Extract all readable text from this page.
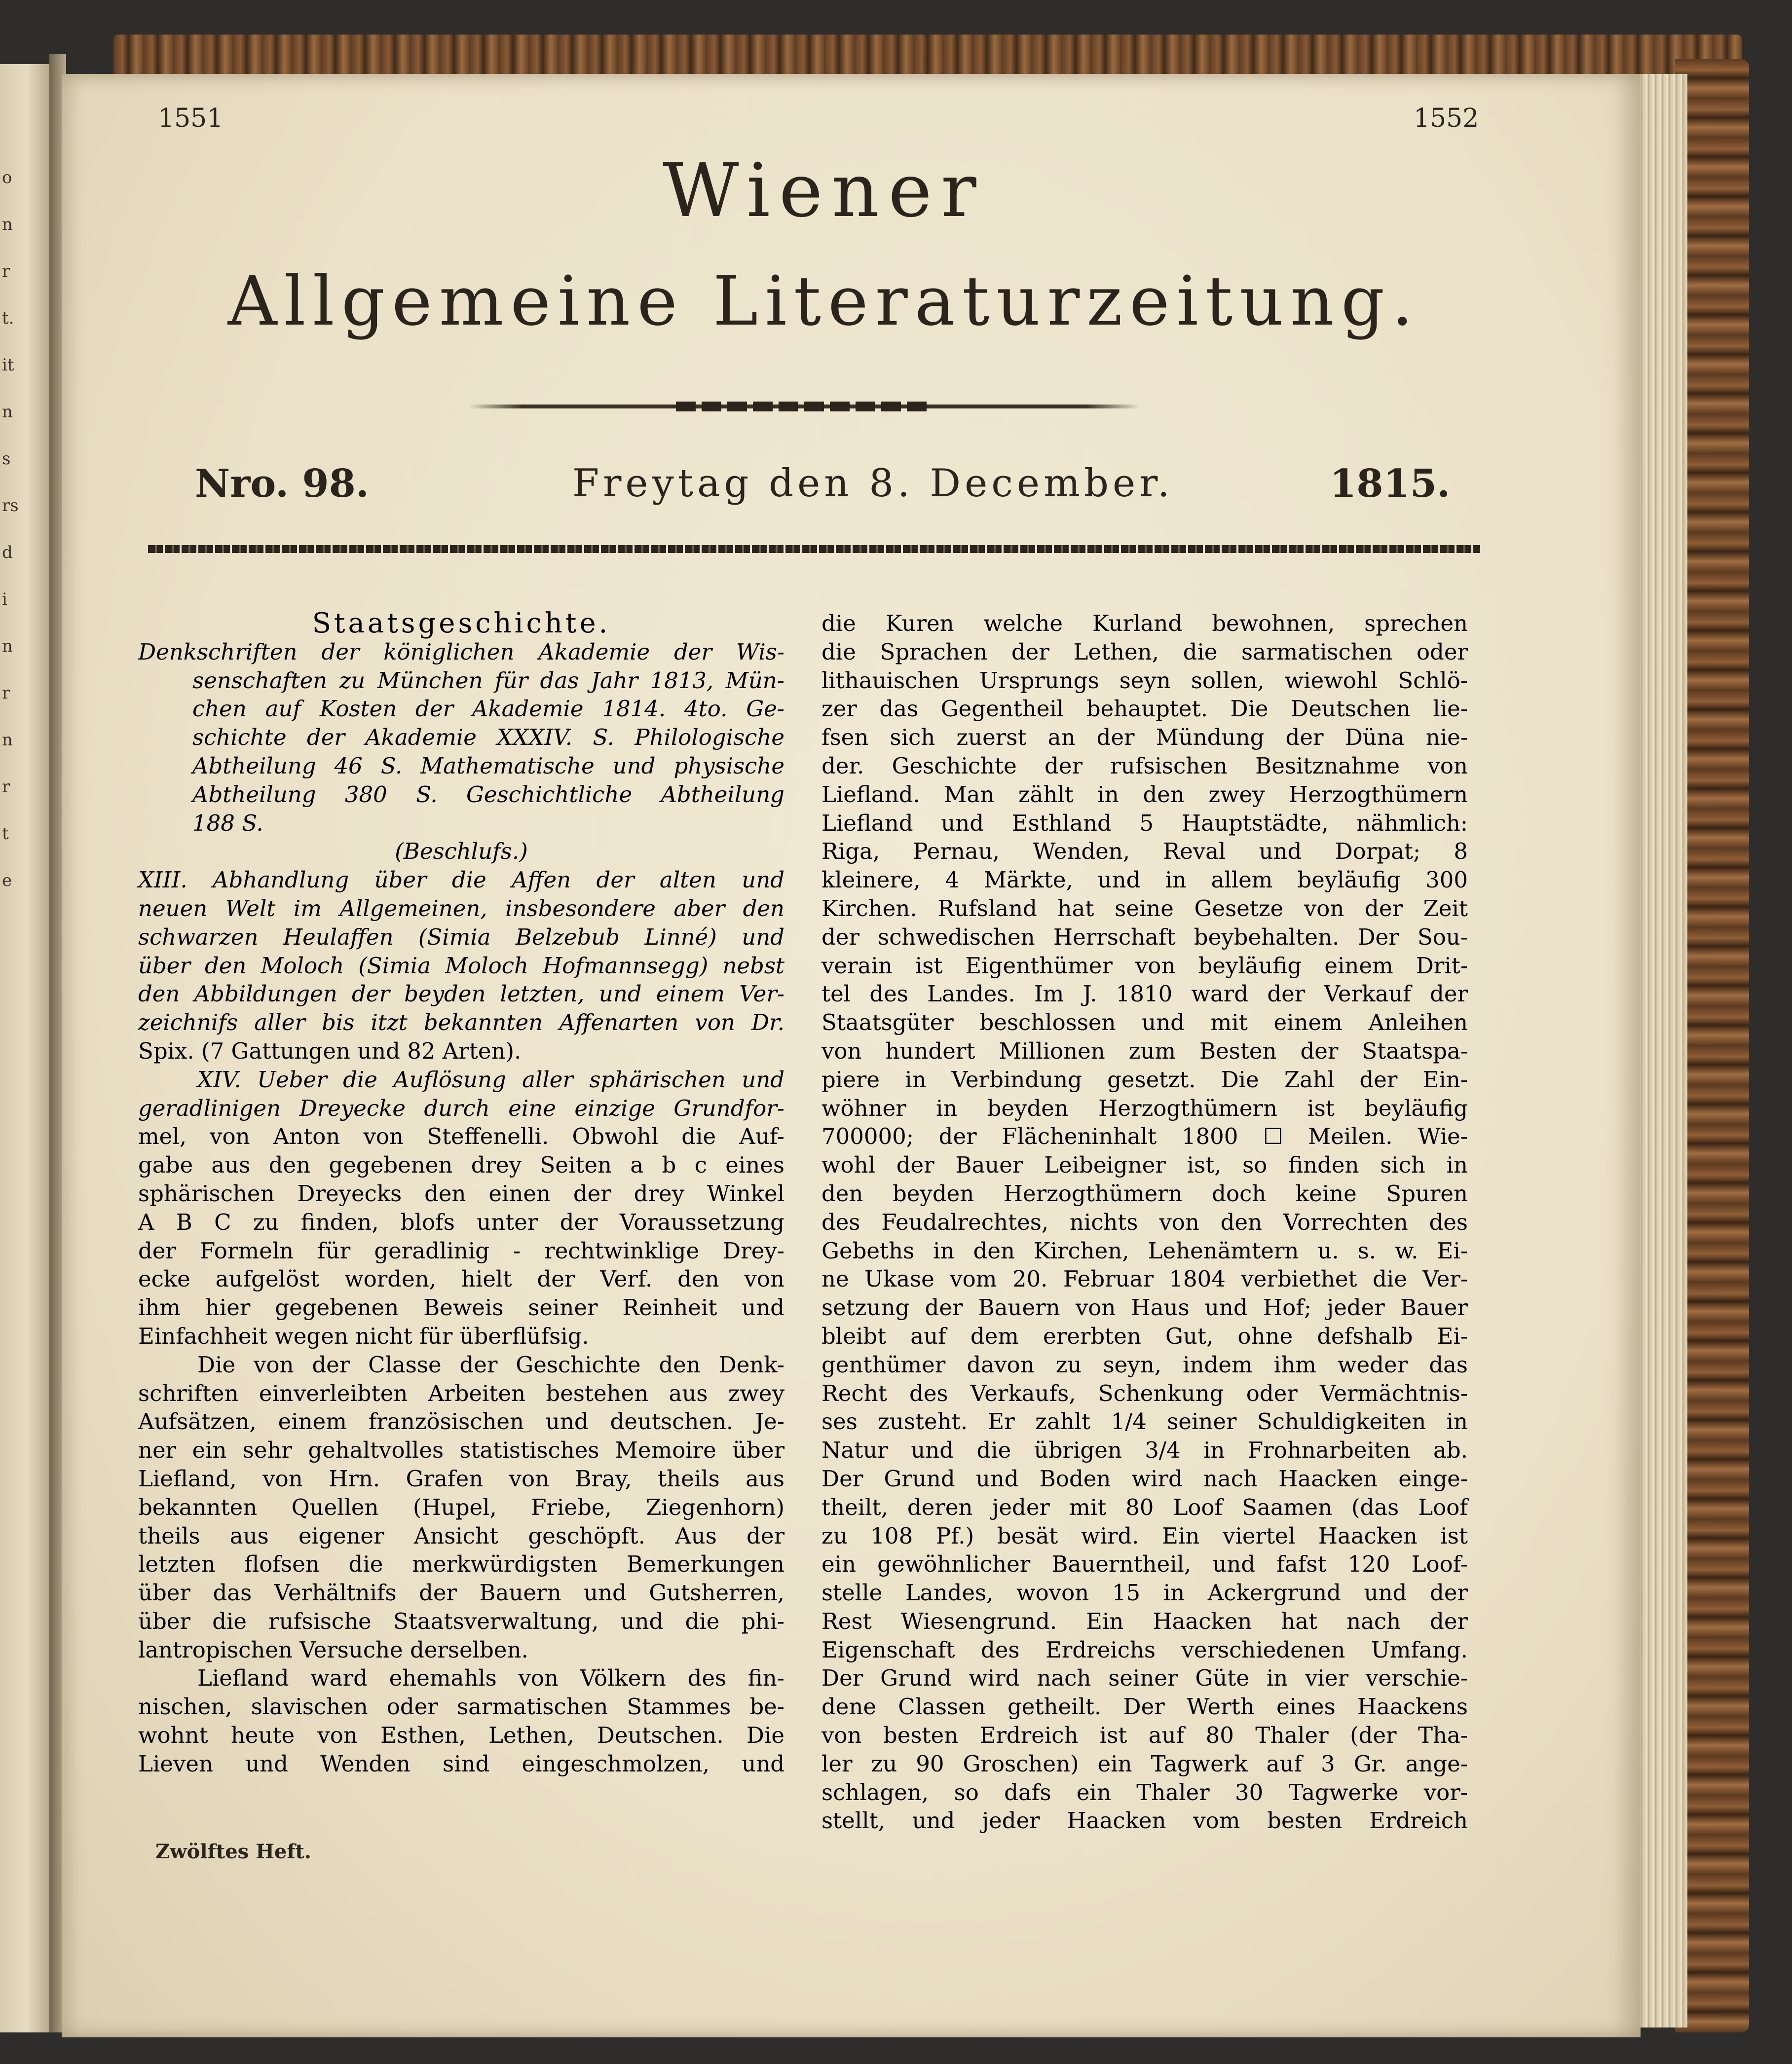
o
n
r
t.
it
n
s
rs
d
i
n
r
n
r
t
e

1551	1552

Wiener

Allgemeine Literaturzeitung.

Nro. 98.	Freytag den 8. December.	1815.

Staatsgeschichte.
Denkschriften der königlichen Akademie der Wis-
senschaften zu München für das Jahr 1813, Mün-
chen auf Kosten der Akademie 1814. 4to. Ge-
schichte der Akademie XXXIV. S. Philologische
Abtheilung 46 S. Mathematische und physische
Abtheilung 380 S. Geschichtliche Abtheilung
188 S.
(Beschlufs.)
XIII. Abhandlung über die Affen der alten und
neuen Welt im Allgemeinen, insbesondere aber den
schwarzen Heulaffen (Simia Belzebub Linné) und
über den Moloch (Simia Moloch Hofmannsegg) nebst
den Abbildungen der beyden letzten, und einem Ver-
zeichnifs aller bis itzt bekannten Affenarten von Dr.
Spix. (7 Gattungen und 82 Arten).
XIV. Ueber die Auflösung aller sphärischen und
geradlinigen Dreyecke durch eine einzige Grundfor-
mel, von Anton von Steffenelli. Obwohl die Auf-
gabe aus den gegebenen drey Seiten a b c eines
sphärischen Dreyecks den einen der drey Winkel
A B C zu finden, blofs unter der Voraussetzung
der Formeln für geradlinig - rechtwinklige Drey-
ecke aufgelöst worden, hielt der Verf. den von
ihm hier gegebenen Beweis seiner Reinheit und
Einfachheit wegen nicht für überflüfsig.
Die von der Classe der Geschichte den Denk-
schriften einverleibten Arbeiten bestehen aus zwey
Aufsätzen, einem französischen und deutschen. Je-
ner ein sehr gehaltvolles statistisches Memoire über
Liefland, von Hrn. Grafen von Bray, theils aus
bekannten Quellen (Hupel, Friebe, Ziegenhorn)
theils aus eigener Ansicht geschöpft. Aus der
letzten flofsen die merkwürdigsten Bemerkungen
über das Verhältnifs der Bauern und Gutsherren,
über die rufsische Staatsverwaltung, und die phi-
lantropischen Versuche derselben.
Liefland ward ehemahls von Völkern des fin-
nischen, slavischen oder sarmatischen Stammes be-
wohnt heute von Esthen, Lethen, Deutschen. Die
Lieven und Wenden sind eingeschmolzen, und
die Kuren welche Kurland bewohnen, sprechen
die Sprachen der Lethen, die sarmatischen oder
lithauischen Ursprungs seyn sollen, wiewohl Schlö-
zer das Gegentheil behauptet. Die Deutschen lie-
fsen sich zuerst an der Mündung der Düna nie-
der. Geschichte der rufsischen Besitznahme von
Liefland. Man zählt in den zwey Herzogthümern
Liefland und Esthland 5 Hauptstädte, nähmlich:
Riga, Pernau, Wenden, Reval und Dorpat; 8
kleinere, 4 Märkte, und in allem beyläufig 300
Kirchen. Rufsland hat seine Gesetze von der Zeit
der schwedischen Herrschaft beybehalten. Der Sou-
verain ist Eigenthümer von beyläufig einem Drit-
tel des Landes. Im J. 1810 ward der Verkauf der
Staatsgüter beschlossen und mit einem Anleihen
von hundert Millionen zum Besten der Staatspa-
piere in Verbindung gesetzt. Die Zahl der Ein-
wöhner in beyden Herzogthümern ist beyläufig
700000; der Flächeninhalt 1800 ☐ Meilen. Wie-
wohl der Bauer Leibeigner ist, so finden sich in
den beyden Herzogthümern doch keine Spuren
des Feudalrechtes, nichts von den Vorrechten des
Gebeths in den Kirchen, Lehenämtern u. s. w. Ei-
ne Ukase vom 20. Februar 1804 verbiethet die Ver-
setzung der Bauern von Haus und Hof; jeder Bauer
bleibt auf dem ererbten Gut, ohne defshalb Ei-
genthümer davon zu seyn, indem ihm weder das
Recht des Verkaufs, Schenkung oder Vermächtnis-
ses zusteht. Er zahlt 1/4 seiner Schuldigkeiten in
Natur und die übrigen 3/4 in Frohnarbeiten ab.
Der Grund und Boden wird nach Haacken einge-
theilt, deren jeder mit 80 Loof Saamen (das Loof
zu 108 Pf.) besät wird. Ein viertel Haacken ist
ein gewöhnlicher Bauerntheil, und fafst 120 Loof-
stelle Landes, wovon 15 in Ackergrund und der
Rest Wiesengrund. Ein Haacken hat nach der
Eigenschaft des Erdreichs verschiedenen Umfang.
Der Grund wird nach seiner Güte in vier verschie-
dene Classen getheilt. Der Werth eines Haackens
von besten Erdreich ist auf 80 Thaler (der Tha-
ler zu 90 Groschen) ein Tagwerk auf 3 Gr. ange-
schlagen, so dafs ein Thaler 30 Tagwerke vor-
stellt, und jeder Haacken vom besten Erdreich

Zwölftes Heft.
